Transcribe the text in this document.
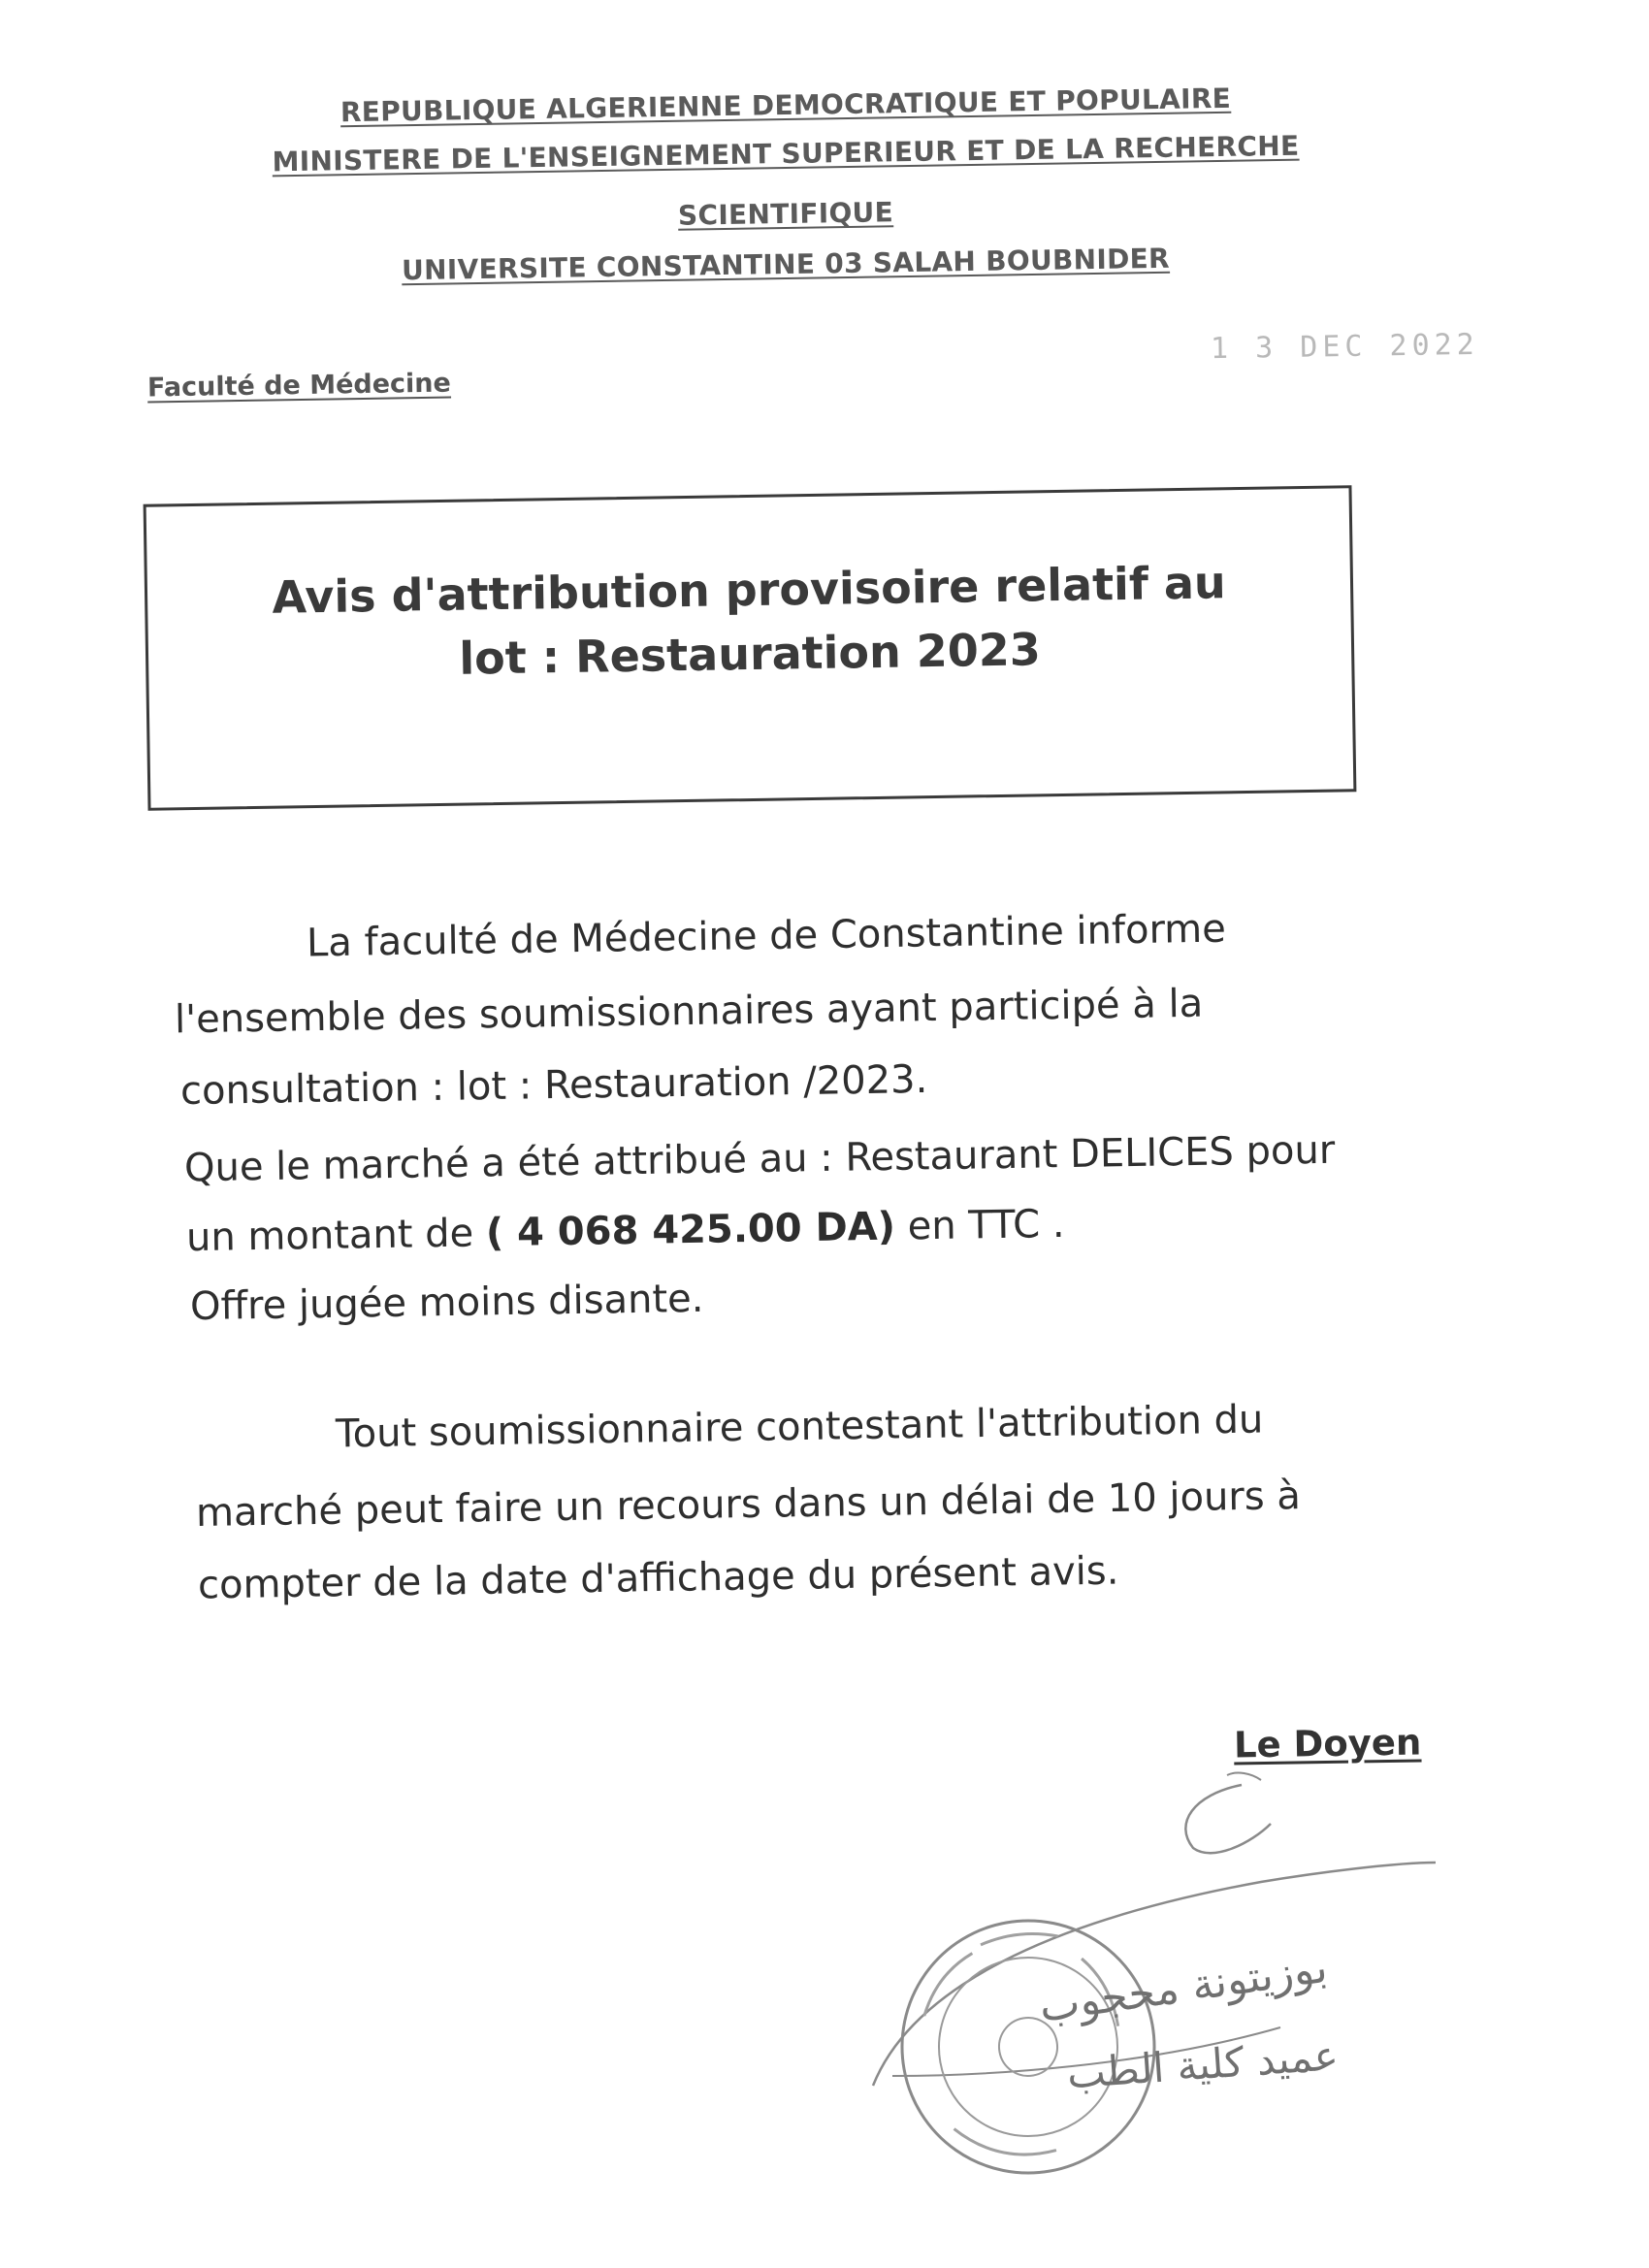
REPUBLIQUE ALGERIENNE DEMOCRATIQUE ET POPULAIRE
MINISTERE DE L'ENSEIGNEMENT SUPERIEUR ET DE LA RECHERCHE
SCIENTIFIQUE
UNIVERSITE CONSTANTINE 03 SALAH BOUBNIDER
1 3 DEC 2022
Faculté de Médecine
Avis d'attribution provisoire relatif au
lot : Restauration 2023
La faculté de Médecine de Constantine informe
l'ensemble des soumissionnaires ayant participé à la
consultation : lot : Restauration /2023.
Que le marché a été attribué au : Restaurant DELICES pour
un montant de ( 4 068 425.00 DA) en TTC .
Offre jugée moins disante.
Tout soumissionnaire contestant l'attribution du
marché peut faire un recours dans un délai de 10 jours à
compter de la date d'affichage du présent avis.
Le Doyen
بوزيتونة محجوب
عميد كلية الطب
